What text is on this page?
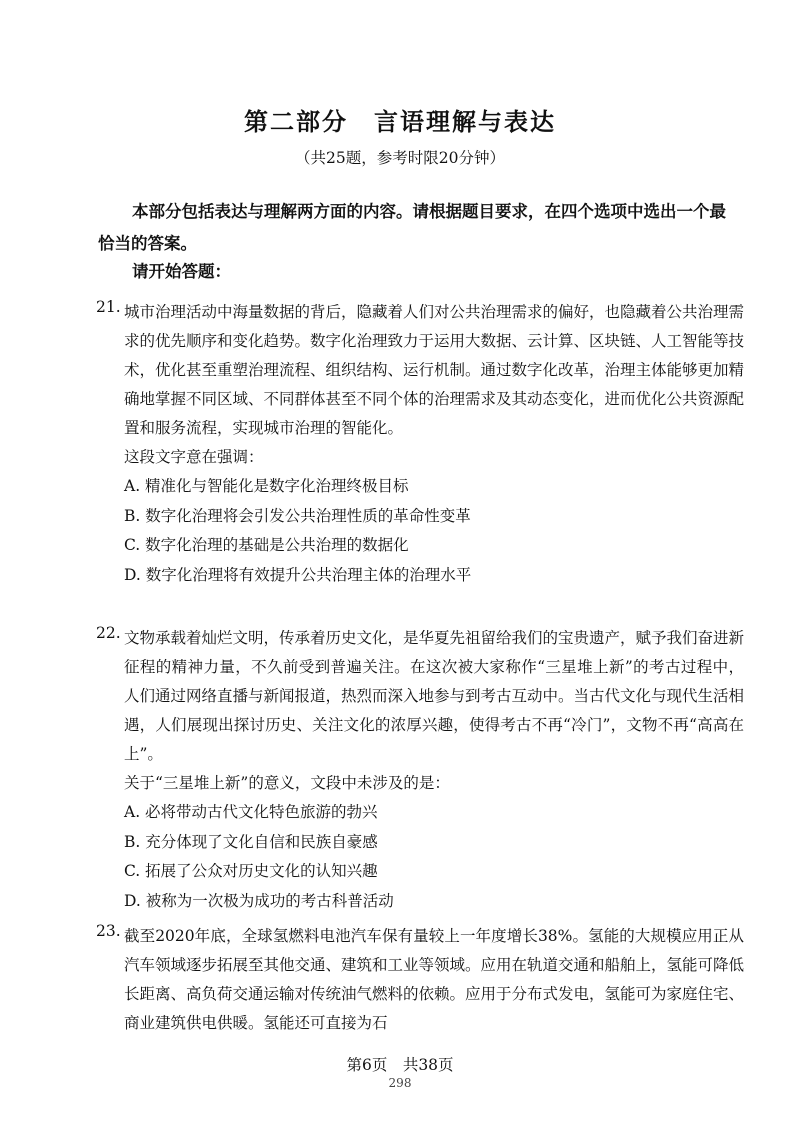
第二部分 言语理解与表达
（共25题，参考时限20分钟）
本部分包括表达与理解两方面的内容。请根据题目要求，在四个选项中选出一个最恰当的答案。
请开始答题：
21. 城市治理活动中海量数据的背后，隐藏着人们对公共治理需求的偏好，也隐藏着公共治理需求的优先顺序和变化趋势。数字化治理致力于运用大数据、云计算、区块链、人工智能等技术，优化甚至重塑治理流程、组织结构、运行机制。通过数字化改革，治理主体能够更加精确地掌握不同区域、不同群体甚至不同个体的治理需求及其动态变化，进而优化公共资源配置和服务流程，实现城市治理的智能化。
这段文字意在强调：
A. 精准化与智能化是数字化治理终极目标
B. 数字化治理将会引发公共治理性质的革命性变革
C. 数字化治理的基础是公共治理的数据化
D. 数字化治理将有效提升公共治理主体的治理水平
22. 文物承载着灿烂文明，传承着历史文化，是华夏先祖留给我们的宝贵遗产，赋予我们奋进新征程的精神力量，不久前受到普遍关注。在这次被大家称作“三星堆上新”的考古过程中，人们通过网络直播与新闻报道，热烈而深入地参与到考古互动中。当古代文化与现代生活相遇，人们展现出探讨历史、关注文化的浓厚兴趣，使得考古不再“冷门”，文物不再“高高在上”。
关于“三星堆上新”的意义，文段中未涉及的是：
A. 必将带动古代文化特色旅游的勃兴
B. 充分体现了文化自信和民族自豪感
C. 拓展了公众对历史文化的认知兴趣
D. 被称为一次极为成功的考古科普活动
23. 截至2020年底，全球氢燃料电池汽车保有量较上一年度增长38%。氢能的大规模应用正从汽车领域逐步拓展至其他交通、建筑和工业等领域。应用在轨道交通和船舶上，氢能可降低长距离、高负荷交通运输对传统油气燃料的依赖。应用于分布式发电，氢能可为家庭住宅、商业建筑供电供暖。氢能还可直接为石
第6页　共38页
298
